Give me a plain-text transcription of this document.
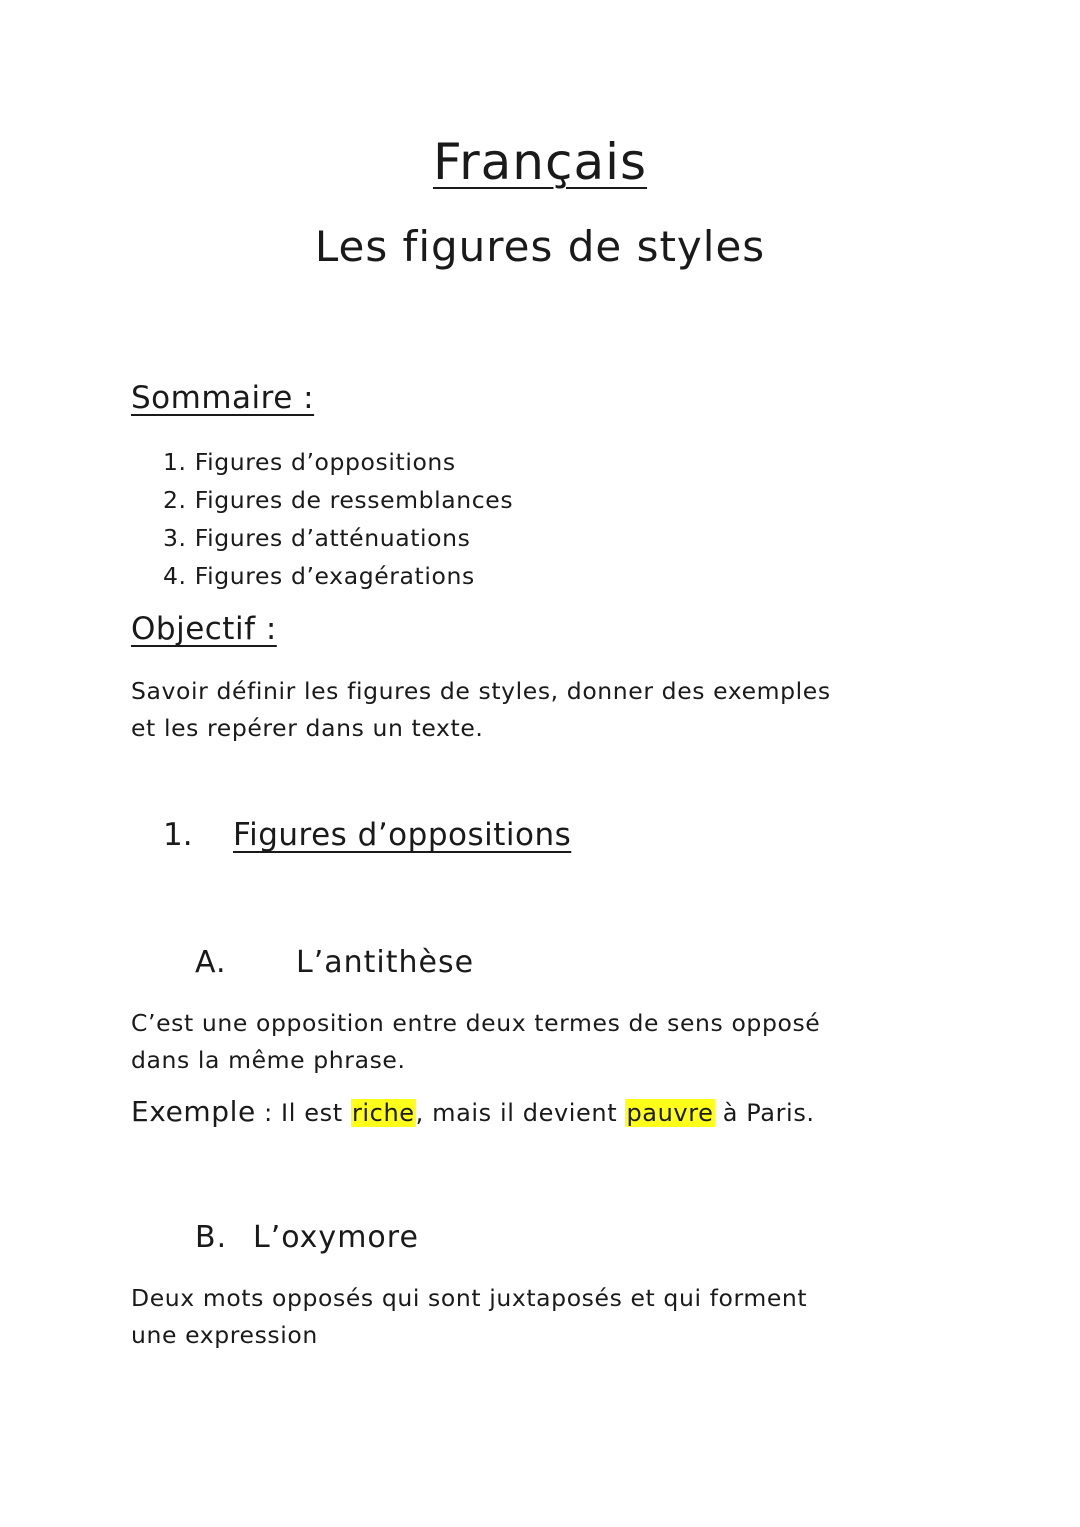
Français
Les figures de styles
Sommaire :
1. Figures d’oppositions
2. Figures de ressemblances
3. Figures d’atténuations
4. Figures d’exagérations
Objectif :
Savoir définir les figures de styles, donner des exemples
et les repérer dans un texte.
1. Figures d’oppositions
A. L’antithèse
C’est une opposition entre deux termes de sens opposé
dans la même phrase.
Exemple : Il est riche, mais il devient pauvre à Paris.
B. L’oxymore
Deux mots opposés qui sont juxtaposés et qui forment
une expression
